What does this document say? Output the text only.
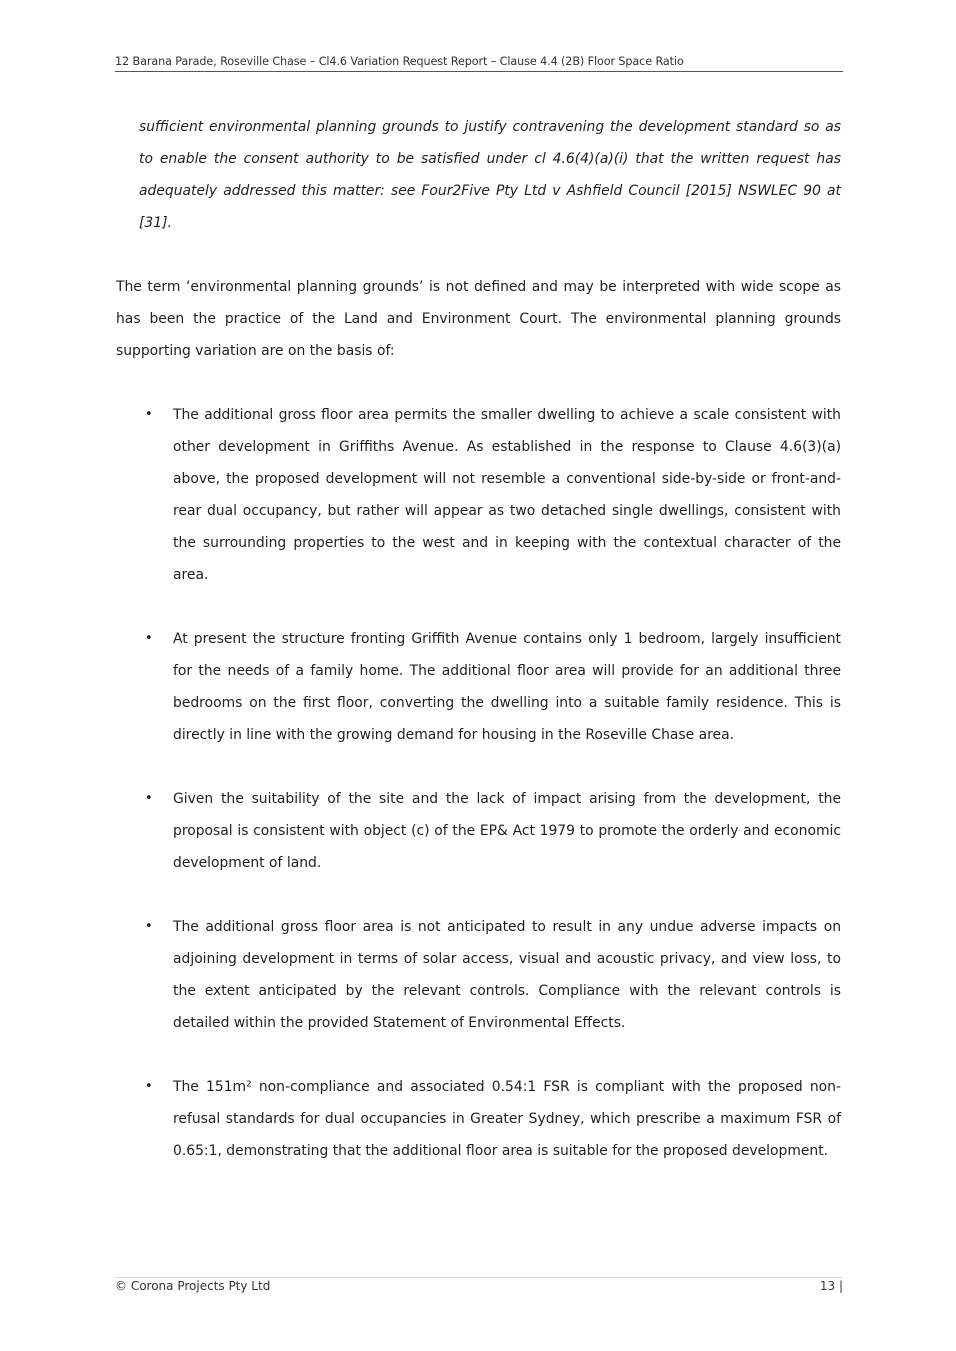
12 Barana Parade, Roseville Chase – Cl4.6 Variation Request Report – Clause 4.4 (2B) Floor Space Ratio

sufficient environmental planning grounds to justify contravening the development standard so as to enable the consent authority to be satisfied under cl 4.6(4)(a)(i) that the written request has adequately addressed this matter: see Four2Five Pty Ltd v Ashfield Council [2015] NSWLEC 90 at [31].

The term ‘environmental planning grounds’ is not defined and may be interpreted with wide scope as has been the practice of the Land and Environment Court. The environmental planning grounds supporting variation are on the basis of:

• The additional gross floor area permits the smaller dwelling to achieve a scale consistent with other development in Griffiths Avenue. As established in the response to Clause 4.6(3)(a) above, the proposed development will not resemble a conventional side-by-side or front-and-rear dual occupancy, but rather will appear as two detached single dwellings, consistent with the surrounding properties to the west and in keeping with the contextual character of the area.
• At present the structure fronting Griffith Avenue contains only 1 bedroom, largely insufficient for the needs of a family home. The additional floor area will provide for an additional three bedrooms on the first floor, converting the dwelling into a suitable family residence. This is directly in line with the growing demand for housing in the Roseville Chase area.
• Given the suitability of the site and the lack of impact arising from the development, the proposal is consistent with object (c) of the EP& Act 1979 to promote the orderly and economic development of land.
• The additional gross floor area is not anticipated to result in any undue adverse impacts on adjoining development in terms of solar access, visual and acoustic privacy, and view loss, to the extent anticipated by the relevant controls. Compliance with the relevant controls is detailed within the provided Statement of Environmental Effects.
• The 151m² non-compliance and associated 0.54:1 FSR is compliant with the proposed non-refusal standards for dual occupancies in Greater Sydney, which prescribe a maximum FSR of 0.65:1, demonstrating that the additional floor area is suitable for the proposed development.
© Corona Projects Pty Ltd	13 |
